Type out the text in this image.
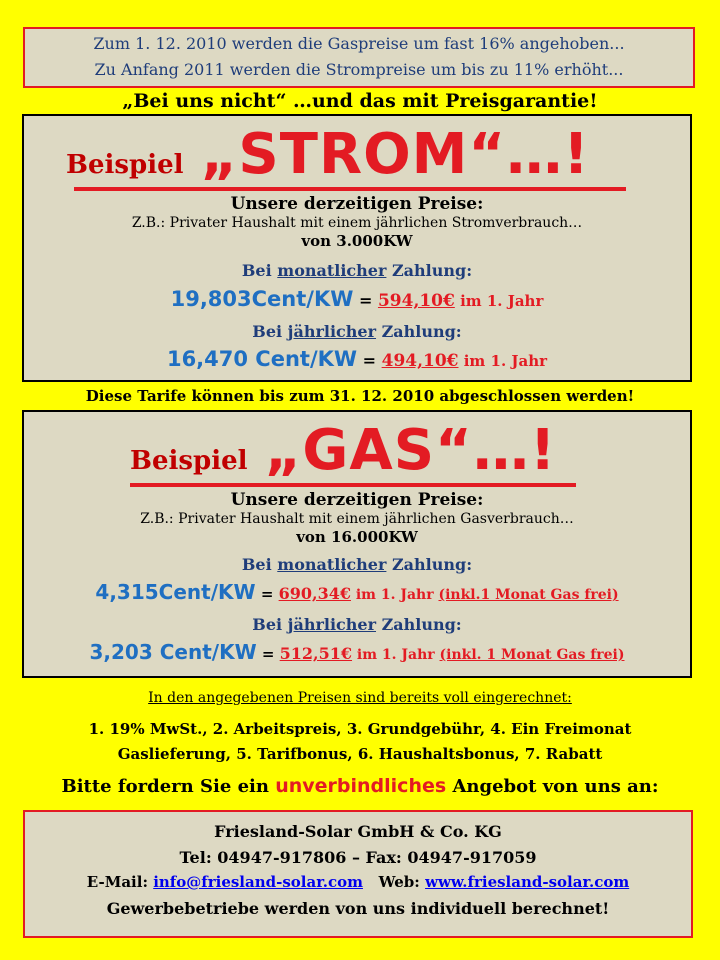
Zum 1. 12. 2010 werden die Gaspreise um fast 16% angehoben...
Zu Anfang 2011 werden die Strompreise um bis zu 11% erhöht...
„Bei uns nicht“ …und das mit Preisgarantie!
Beispiel „STROM“…!
Unsere derzeitigen Preise:
Z.B.: Privater Haushalt mit einem jährlichen Stromverbrauch…
von 3.000KW
Bei monatlicher Zahlung:
19,803Cent/KW = 594,10€ im 1. Jahr
Bei jährlicher Zahlung:
16,470 Cent/KW = 494,10€ im 1. Jahr
Diese Tarife können bis zum 31. 12. 2010 abgeschlossen werden!
Beispiel „GAS“…!
Unsere derzeitigen Preise:
Z.B.: Privater Haushalt mit einem jährlichen Gasverbrauch…
von 16.000KW
Bei monatlicher Zahlung:
4,315Cent/KW = 690,34€ im 1. Jahr (inkl.1 Monat Gas frei)
Bei jährlicher Zahlung:
3,203 Cent/KW = 512,51€ im 1. Jahr (inkl. 1 Monat Gas frei)
In den angegebenen Preisen sind bereits voll eingerechnet:
1. 19% MwSt., 2. Arbeitspreis, 3. Grundgebühr, 4. Ein Freimonat
Gaslieferung, 5. Tarifbonus, 6. Haushaltsbonus, 7. Rabatt
Bitte fordern Sie ein unverbindliches Angebot von uns an:
Friesland-Solar GmbH & Co. KG
Tel: 04947-917806 – Fax: 04947-917059
E-Mail: info@friesland-solar.com   Web: www.friesland-solar.com
Gewerbebetriebe werden von uns individuell berechnet!
